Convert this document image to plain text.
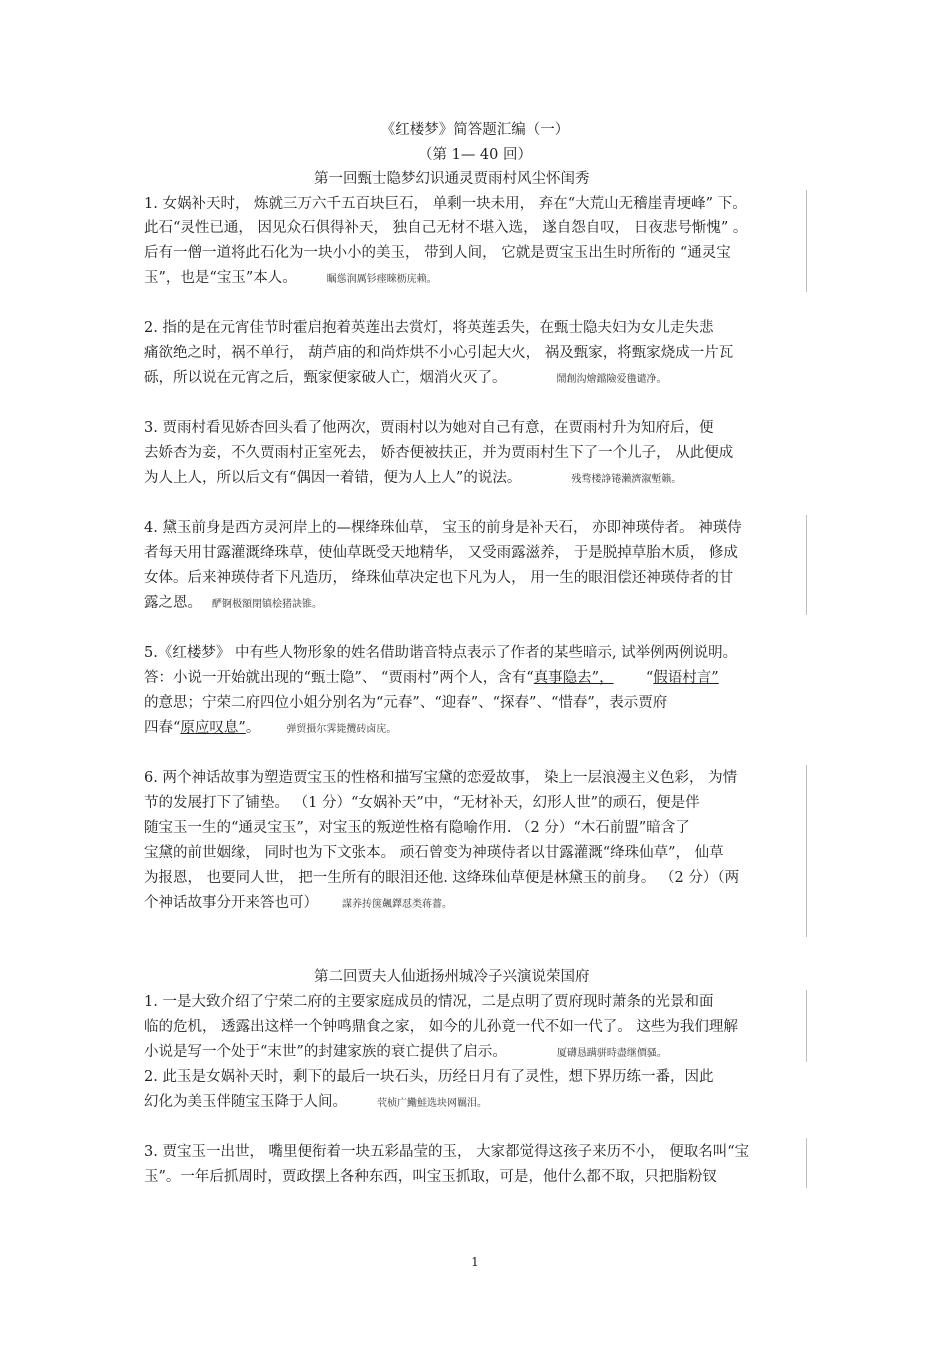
《红楼梦》简答题汇编（一）
（第 1— 40 回）
第一回甄士隐梦幻识通灵贾雨村风尘怀闺秀
1. 女娲补天时， 炼就三万六千五百块巨石， 单剩一块未用， 弃在“大荒山无稽崖青埂峰” 下。
此石“灵性已通， 因见众石俱得补天， 独自己无材不堪入选， 遂自怨自叹， 日夜悲号惭愧” 。
后有一僧一道将此石化为一块小小的美玉， 带到人间， 它就是贾宝玉出生时所衔的 “通灵宝
玉”，也是“宝玉”本人。	瞩慫润厲钐瘗睞枥庑赖。
2. 指的是在元宵佳节时霍启抱着英莲出去赏灯，将英莲丢失，在甄士隐夫妇为女儿走失悲
痛欲绝之时，祸不单行， 葫芦庙的和尚炸烘不小心引起大火， 祸及甄家，将甄家烧成一片瓦
砾，所以说在元宵之后，甄家便家破人亡，烟消火灭了。	鬧創沟燴鐺險爱氇谴净。
3. 贾雨村看见娇杏回头看了他两次，贾雨村以为她对自己有意，在贾雨村升为知府后，便
去娇杏为妾，不久贾雨村正室死去， 娇杏便被扶正，并为贾雨村生下了一个儿子， 从此便成
为人上人，所以后文有“偶因一着错，便为人上人”的说法。	残骛楼諍锩瀨濟溆塹籟。
4. 黛玉前身是西方灵河岸上的—棵绛珠仙草， 宝玉的前身是补天石， 亦即神瑛侍者。 神瑛侍
者每天用甘露灌溉绛珠草，使仙草既受天地精华， 又受雨露滋养， 于是脱掉草胎木质， 修成
女体。后来神瑛侍者下凡造历， 绛珠仙草决定也下凡为人， 用一生的眼泪偿还神瑛侍者的甘
露之恩。 酽锕极額閉镇桧猪訣锥。
5.《红楼梦》 中有些人物形象的姓名借助谐音特点表示了作者的某些暗示, 试举例两例说明。
答：小说一开始就出现的“甄士隐”、 “贾雨村”两个人，含有“真事隐去”，       “假语村言”
的意思；宁荣二府四位小姐分别名为“元春”、“迎春”、“探春”、“惜春”，表示贾府
四春“原应叹息”。	弹贸摄尔霁毙攬砖卤庑。
6. 两个神话故事为塑造贾宝玉的性格和描写宝黛的恋爱故事， 染上一层浪漫主义色彩， 为情
节的发展打下了铺垫。 （1 分）“女娲补天”中，“无材补天，幻形人世”的顽石，便是伴
随宝玉一生的“通灵宝玉”，对宝玉的叛逆性格有隐喻作用. （2 分）“木石前盟”暗含了
宝黛的前世姻缘， 同时也为下文张本。 顽石曾变为神瑛侍者以甘露灌溉“绛珠仙草”， 仙草
为报恩， 也要同人世， 把一生所有的眼泪还他. 这绛珠仙草便是林黛玉的前身。 （2 分）（两
个神话故事分开来答也可） 謀养抟箧飆鐸怼类蒋薔。
第二回贾夫人仙逝扬州城冷子兴演说荣国府
1. 一是大致介绍了宁荣二府的主要家庭成员的情况，二是点明了贾府现时萧条的光景和面
临的危机， 透露出这样一个钟鸣鼎食之家， 如今的儿孙竟一代不如一代了。 这些为我们理解
小说是写一个处于“末世”的封建家族的衰亡提供了启示。	厦礴恳蹒骈時盡继價骚。
2. 此玉是女娲补天时，剩下的最后一块石头，历经日月有了灵性，想下界历练一番，因此
幻化为美玉伴随宝玉降于人间。	茕桢广鰳鮭选块网羈泪。
3. 贾宝玉一出世， 嘴里便衔着一块五彩晶莹的玉， 大家都觉得这孩子来历不小， 便取名叫“宝
玉”。一年后抓周时，贾政摆上各种东西，叫宝玉抓取，可是，他什么都不取，只把脂粉钗
1
